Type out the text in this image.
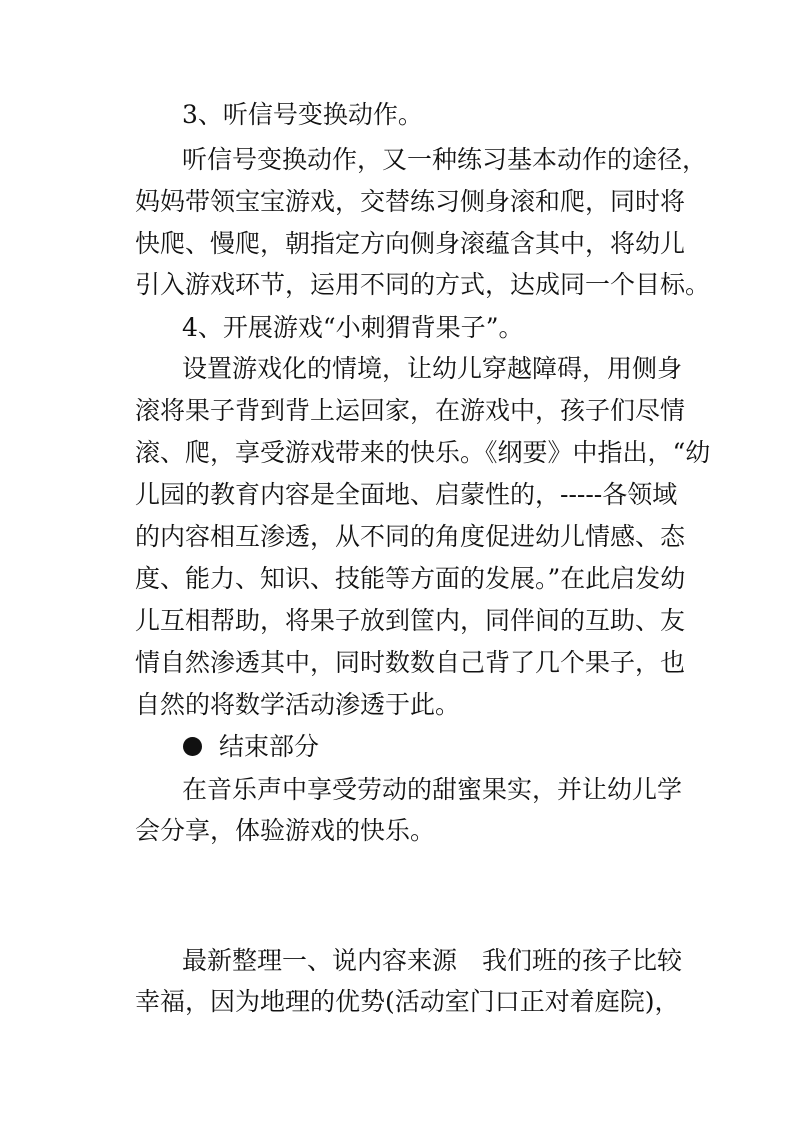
3、听信号变换动作。
听信号变换动作，又一种练习基本动作的途径，
妈妈带领宝宝游戏，交替练习侧身滚和爬，同时将
快爬、慢爬，朝指定方向侧身滚蕴含其中，将幼儿
引入游戏环节，运用不同的方式，达成同一个目标。
4、开展游戏“小刺猬背果子”。
设置游戏化的情境，让幼儿穿越障碍，用侧身
滚将果子背到背上运回家，在游戏中，孩子们尽情
滚、爬，享受游戏带来的快乐。《纲要》中指出，“幼
儿园的教育内容是全面地、启蒙性的，-----各领域
的内容相互渗透，从不同的角度促进幼儿情感、态
度、能力、知识、技能等方面的发展。”在此启发幼
儿互相帮助，将果子放到筐内，同伴间的互助、友
情自然渗透其中，同时数数自己背了几个果子，也
自然的将数学活动渗透于此。
结束部分
在音乐声中享受劳动的甜蜜果实，并让幼儿学
会分享，体验游戏的快乐。
最新整理一、说内容来源　我们班的孩子比较
幸福，因为地理的优势(活动室门口正对着庭院)，
